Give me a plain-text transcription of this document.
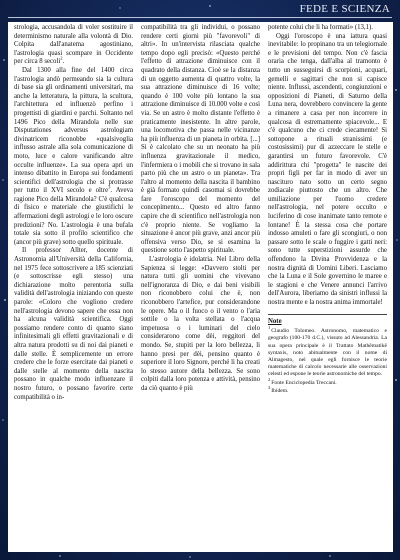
FEDE E SCIENZA

strologia, accusandola di voler sostituire il determinismo naturale alla volontà di Dio. Colpita dall'anatema agostiniano, l'astrologia quasi scompare in Occidente per circa 8 secoli$^2$.

Dal 1300 alla fine del 1400 circa l'astrologia andò permeando sia la cultura di base sia gli ordinamenti universitari, ma anche la letteratura, la pittura, la scultura, l'architettura ed influenzò perfino i progettisti di giardini e parchi. Soltanto nel 1496 Pico della Mirandola nelle sue Disputationes adversus astrologiam divinatricem riconobbe «qualsivoglia influsso astrale alla sola comunicazione di moto, luce e calore vanificando altre occulte influenze». La sua opera apri un intenso dibattito in Europa sui fondamenti scientifici dell'astrologia che si protrasse per tutto il XVI secolo e oltre$^3$. Aveva ragione Pico della Mirandola? C'è qualcosa di fisico e materiale che giustifichi le affermazioni degli astrologi e le loro oscure predizioni? No. L'astrologia è una bufala totale sia sotto il profilo scientifico che (ancor più grave) sotto quello spirituale.

Il professor Allter, docente di Astronomia all'Università della California, nel 1975 fece sottoscrivere a 185 scienziati (e sottoscrisse egli stesso) una dichiarazione molto perentoria sulla validità dell'astrologia iniziando con queste parole: «Coloro che vogliono credere nell'astrologia devono sapere che essa non ha alcuna validità scientifica. Oggi possiamo rendere conto di quanto siano infinitesimali gli effetti gravitazionali e di altra natura prodotti su di noi dai pianeti e dalle stelle. È semplicemente un errore credere che le forze esercitate dai pianeti e dalle stelle al momento della nascita possano in qualche modo influenzare il nostro futuro, o possano favorire certe compatibilità o in-

compatibilità tra gli individui, o possano rendere certi giorni più "favorevoli" di altri». In un'intervista rilasciata qualche tempo dopo egli precisò: «Questo perché l'effetto di attrazione diminuisce con il quadrato della distanza. Cioè se la distanza di un oggetto aumenta di quattro volte, la sua attrazione diminuisce di 16 volte; quando è 100 volte più lontano la sua attrazione diminuisce di 10.000 volte e così via. Se un astro è molto distante l'effetto è praticamente inesistente. In altre parole, una locomotiva che passa nelle vicinanze ha più influenza di un pianeta in orbita. [...] Si è calcolato che su un neonato ha più influenza gravitazionale il medico, l'infermiera o i mobili che si trovano in sala parto più che un astro o un pianeta». Tra l'altro al momento della nascita il bambino è già formato quindi casomai si dovrebbe fare l'oroscopo del momento del concepimento... Questo ed altro fanno capire che di scientifico nell'astrologia non c'è proprio niente. Se vogliamo la situazione è ancor più grave, anzi ancor più offensiva verso Dio, se si esamina la questione sotto l'aspetto spirituale.

L'astrologia è idolatria. Nel Libro della Sapienza si legge: «Davvero stolti per natura tutti gli uomini che vivevano nell'ignoranza di Dio, e dai beni visibili non riconobbero colui che è, non riconobbero l'artefice, pur considerandone le opere. Ma o il fuoco o il vento o l'aria sottile o la volta stellata o l'acqua impetuosa o i luminari del cielo considerarono come dèi, reggitori del mondo. Se, stupiti per la loro bellezza, li hanno presi per dèi, pensino quanto è superiore il loro Signore, perché li ha creati lo stesso autore della bellezza. Se sono colpiti dalla loro potenza e attività, pensino da ciò quanto è più

potente colui che li ha formati» (13,1).

Oggi l'oroscopo è una iattura quasi inevitabile: lo propinano tra un telegiornale e le previsioni del tempo. Non c'è fascia oraria che tenga, dall'alba al tramonto è tutto un susseguirsi di scorpioni, acquari, gemelli e sagittari che non si capisce niente. Influssi, ascendenti, congiunzioni e opposizioni di Pianeti, di Saturno della Luna nera, dovrebbero convincere la gente a rimanere a casa per non incorrere in qualcosa di estremamente spiacevole... E c'è qualcuno che ci crede ciecamente! Si sottopone a rituali stranissimi (e costosissimi) pur di azzeccare le stelle e garantirsi un futuro favorevole. C'è addirittura chi "progetta" le nascite dei propri figli per far in modo di aver un nascituro nato sotto un certo segno zodiacale piuttosto che un altro. Che umiliazione per l'uomo credere nell'astrologia, nel potere occulto e luciferino di cose inanimate tanto remote e lontane! È la stessa cosa che portare indosso amuleti o fare gli scongiuri, o non passare sotto le scale o fuggire i gatti neri: sono tutte superstizioni assurde che offendono la Divina Provvidenza e la nostra dignità di Uomini Liberi. Lasciamo che la Luna e il Sole governino le maree e le stagioni e che Venere annunci l'arrivo dell'Aurora, liberiamo da sinistri influssi la nostra mente e la nostra anima immortale!

Note
$^1$Claudio Tolomeo. Astronomo, matematico e geografo (100-170 d.C.), vissuto ad Alessandria. La sua opera principale è il Trattato Mathēmatikē syntaxis, noto abitualmente con il nome di Almagesto, nel quale egli fornisce le teorie matematiche di calcolo necessarie alle osservazioni celesti ed espone le teorie astronomiche del tempo.
$^2$Fonte Enciclopedia Treccani.
$^3$Ibidem.
